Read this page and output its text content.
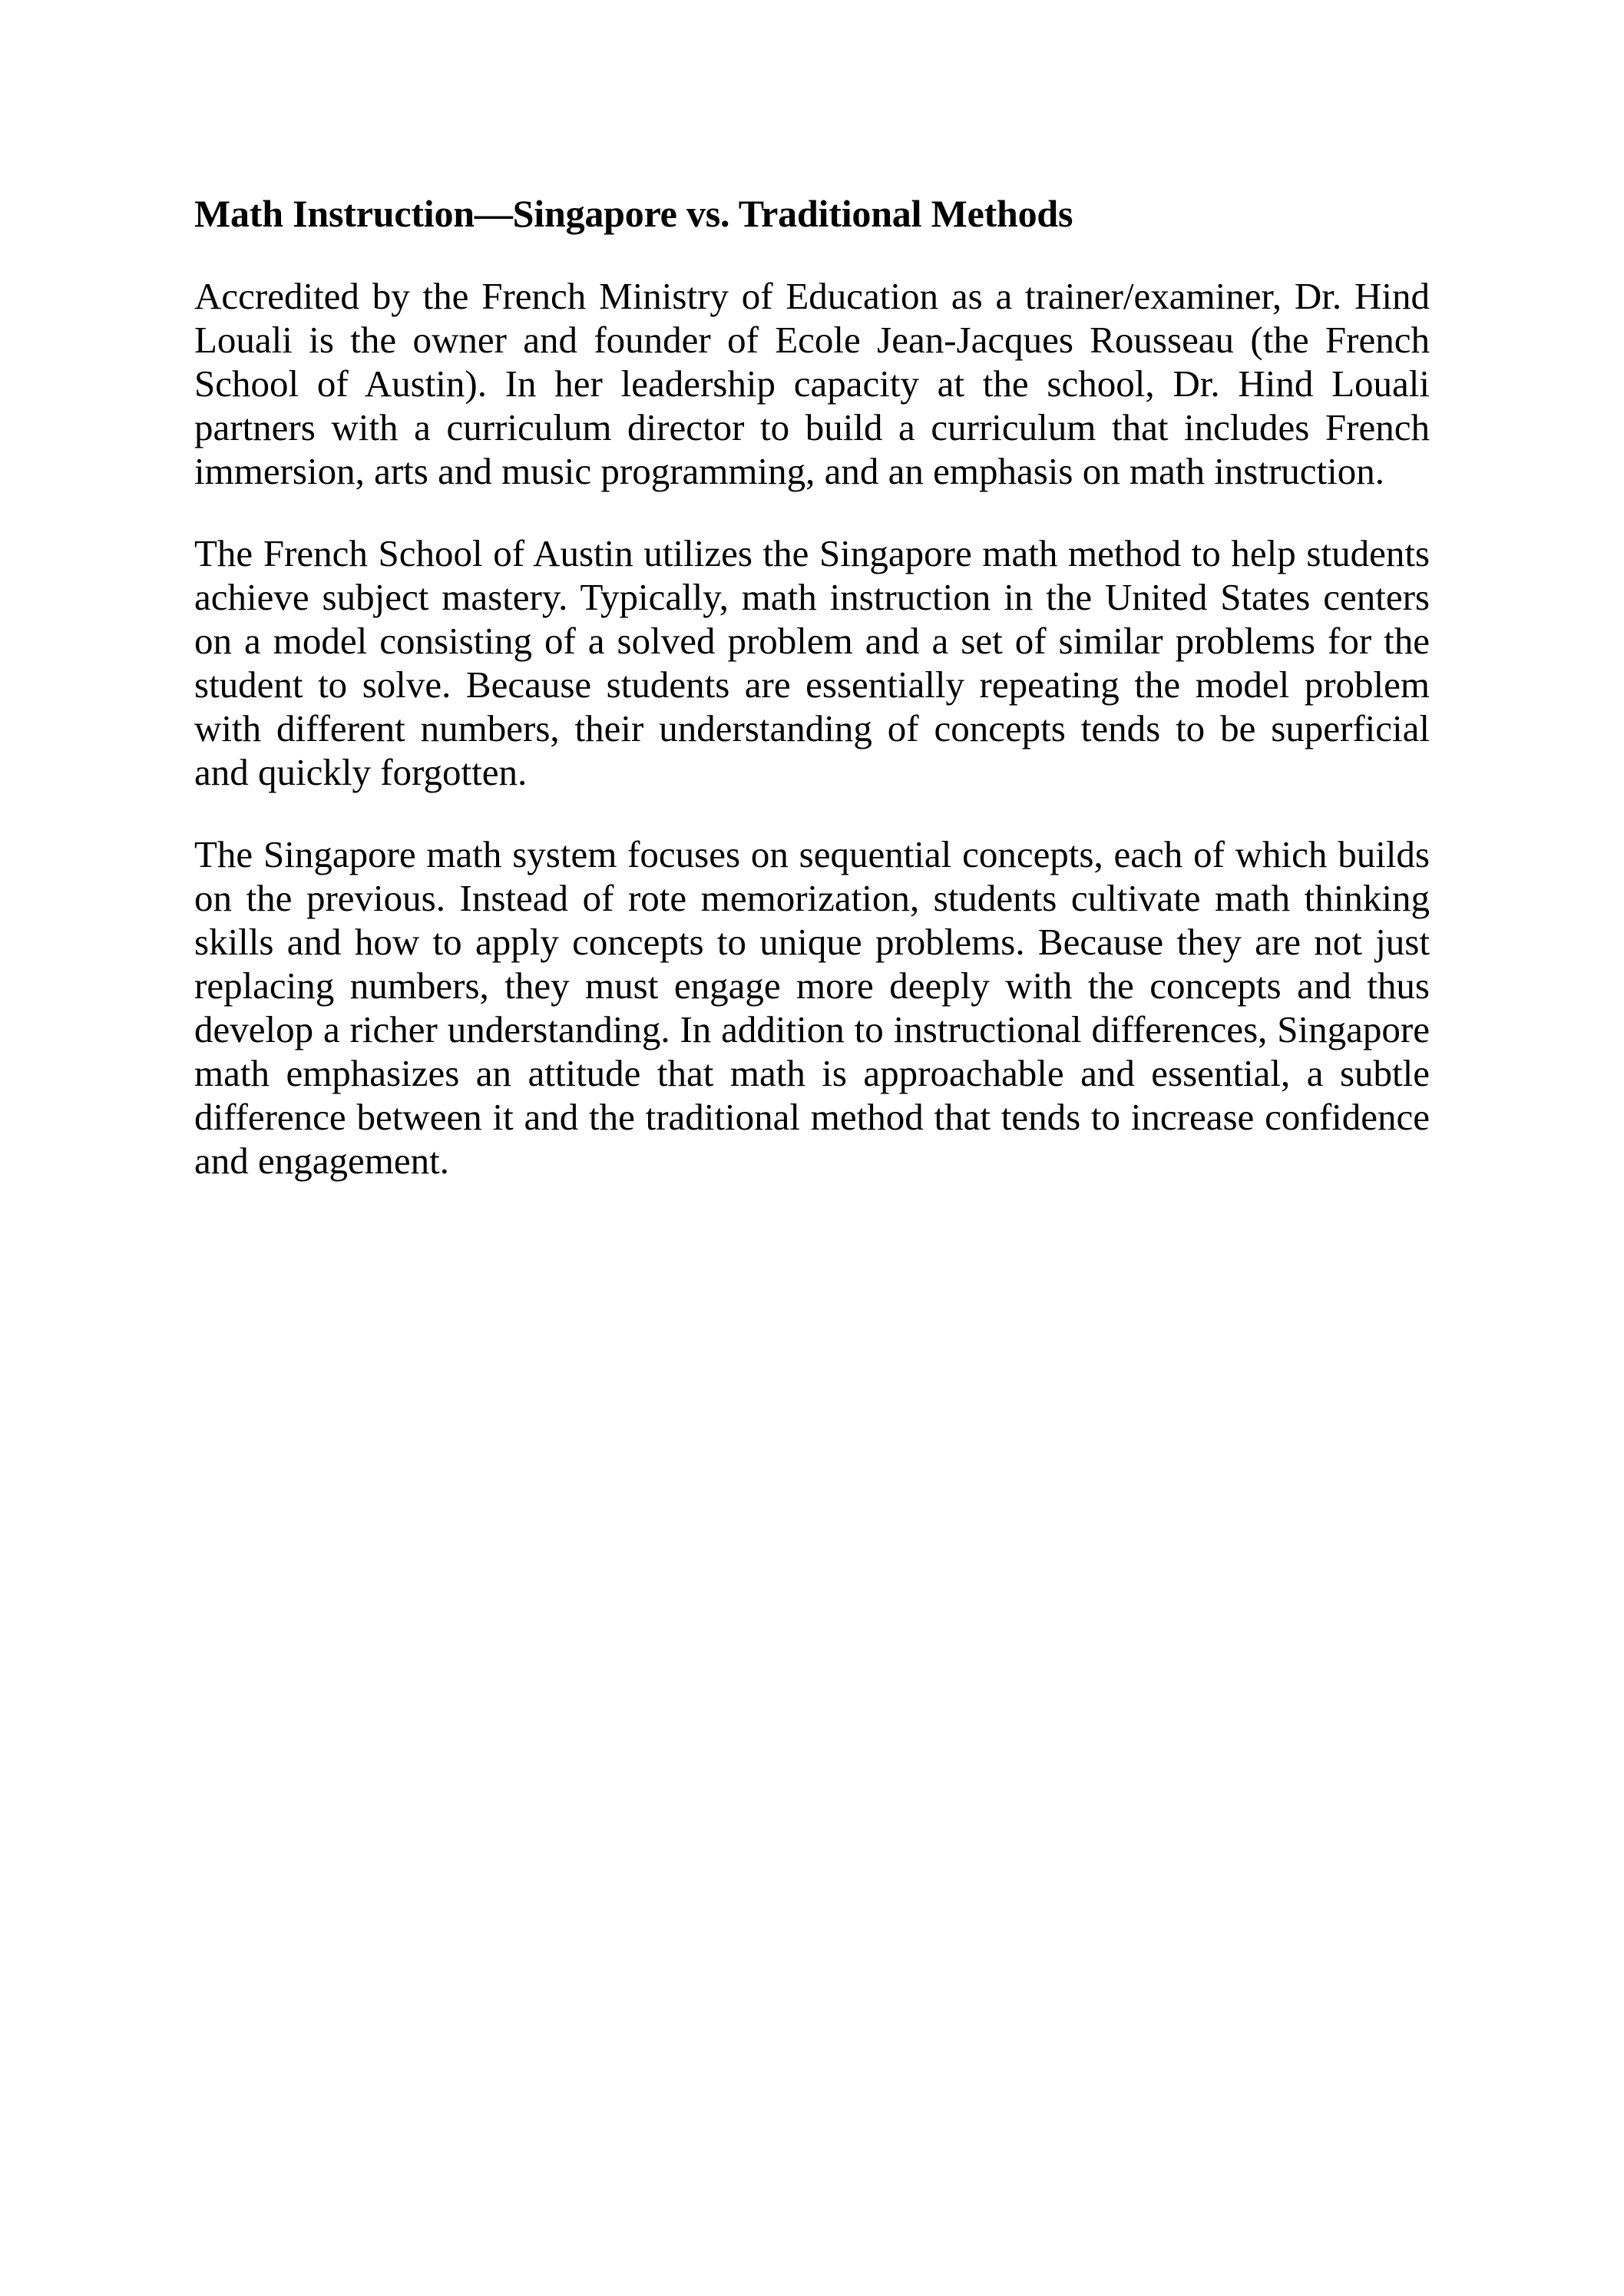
Math Instruction—Singapore vs. Traditional Methods

Accredited by the French Ministry of Education as a trainer/examiner, Dr. Hind Louali is the owner and founder of Ecole Jean-Jacques Rousseau (the French School of Austin). In her leadership capacity at the school, Dr. Hind Louali partners with a curriculum director to build a curriculum that includes French immersion, arts and music programming, and an emphasis on math instruction.

The French School of Austin utilizes the Singapore math method to help students achieve subject mastery. Typically, math instruction in the United States centers on a model consisting of a solved problem and a set of similar problems for the student to solve. Because students are essentially repeating the model problem with different numbers, their understanding of concepts tends to be superficial and quickly forgotten.

The Singapore math system focuses on sequential concepts, each of which builds on the previous. Instead of rote memorization, students cultivate math thinking skills and how to apply concepts to unique problems. Because they are not just replacing numbers, they must engage more deeply with the concepts and thus develop a richer understanding. In addition to instructional differences, Singapore math emphasizes an attitude that math is approachable and essential, a subtle difference between it and the traditional method that tends to increase confidence and engagement.
